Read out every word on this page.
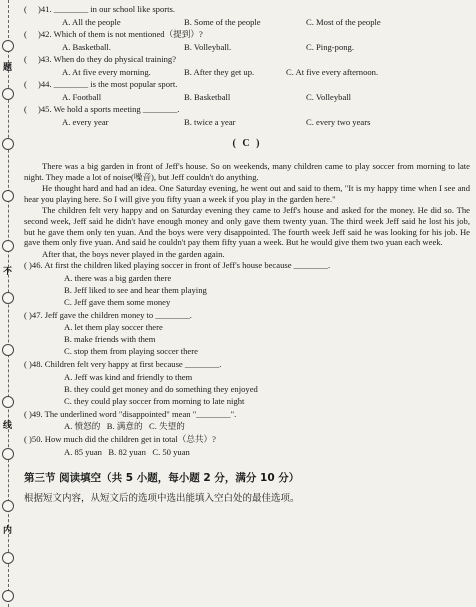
题
不
线
内
( )41. ________ in our school like sports.
A. All the people	B. Some of the people	C. Most of the people
( )42. Which of them is not mentioned（提到）?
A. Basketball.	B. Volleyball.	C. Ping-pong.
( )43. When do they do physical training?
A. At five every morning.	B. After they get up.	C. At five every afternoon.
( )44. ________ is the most popular sport.
A. Football	B. Basketball	C. Volleyball
( )45. We hold a sports meeting ________.
A. every year	B. twice a year	C. every two years
( C )

There was a big garden in front of Jeff's house. So on weekends, many children came to play soccer from morning to late night. They made a lot of noise(噪音), but Jeff couldn't do anything.

He thought hard and had an idea. One Saturday evening, he went out and said to them, "It is my happy time when I see and hear you playing here. So I will give you fifty yuan a week if you play in the garden here."

The children felt very happy and on Saturday evening they came to Jeff's house and asked for the money. He did so. The second week, Jeff said he didn't have enough money and only gave them twenty yuan. The third week Jeff said he lost his job, but he gave them only ten yuan. And the boys were very disappointed. The fourth week Jeff said he was looking for his job. He gave them only five yuan. And said he couldn't pay them fifty yuan a week. But he would give them two yuan each week.

After that, the boys never played in the garden again.

( )46. At first the children liked playing soccer in front of Jeff's house because ________.
A. there was a big garden there
B. Jeff liked to see and hear them playing
C. Jeff gave them some money
( )47. Jeff gave the children money to ________.
A. let them play soccer there
B. make friends with them
C. stop them from playing soccer there
( )48. Children felt very happy at first because ________.
A. Jeff was kind and friendly to them
B. they could get money and do something they enjoyed
C. they could play soccer from morning to late night
( )49. The underlined word "disappointed" mean "________".
A. 愤怒的 B. 满意的 C. 失望的
( )50. How much did the children get in total（总共）?
A. 85 yuan B. 82 yuan C. 50 yuan
第三节 阅读填空（共 5 小题，每小题 2 分，满分 10 分）
根据短文内容，从短文后的选项中选出能填入空白处的最佳选项。
